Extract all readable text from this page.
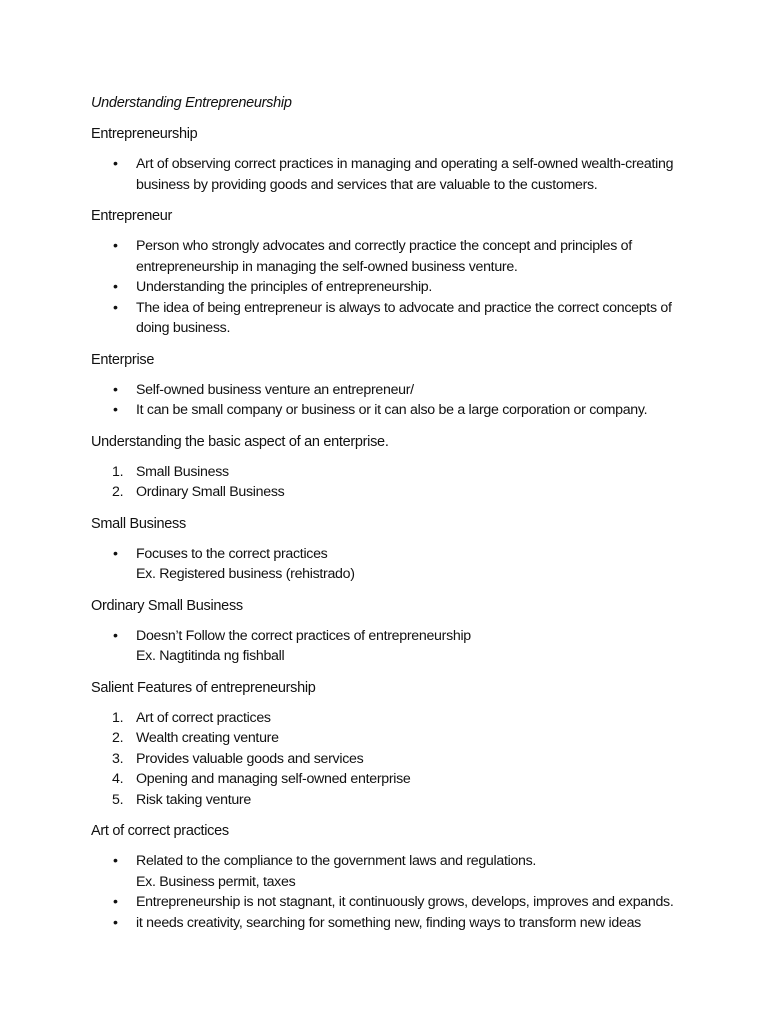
Understanding Entrepreneurship
Entrepreneurship
• Art of observing correct practices in managing and operating a self-owned wealth-creating business by providing goods and services that are valuable to the customers.
Entrepreneur
• Person who strongly advocates and correctly practice the concept and principles of entrepreneurship in managing the self-owned business venture.
• Understanding the principles of entrepreneurship.
• The idea of being entrepreneur is always to advocate and practice the correct concepts of doing business.
Enterprise
• Self-owned business venture an entrepreneur/
• It can be small company or business or it can also be a large corporation or company.
Understanding the basic aspect of an enterprise.
1. Small Business
2. Ordinary Small Business
Small Business
• Focuses to the correct practices
Ex. Registered business (rehistrado)
Ordinary Small Business
• Doesn’t Follow the correct practices of entrepreneurship
Ex. Nagtitinda ng fishball
Salient Features of entrepreneurship
1. Art of correct practices
2. Wealth creating venture
3. Provides valuable goods and services
4. Opening and managing self-owned enterprise
5. Risk taking venture
Art of correct practices
• Related to the compliance to the government laws and regulations.
Ex. Business permit, taxes
• Entrepreneurship is not stagnant, it continuously grows, develops, improves and expands.
• it needs creativity, searching for something new, finding ways to transform new ideas
